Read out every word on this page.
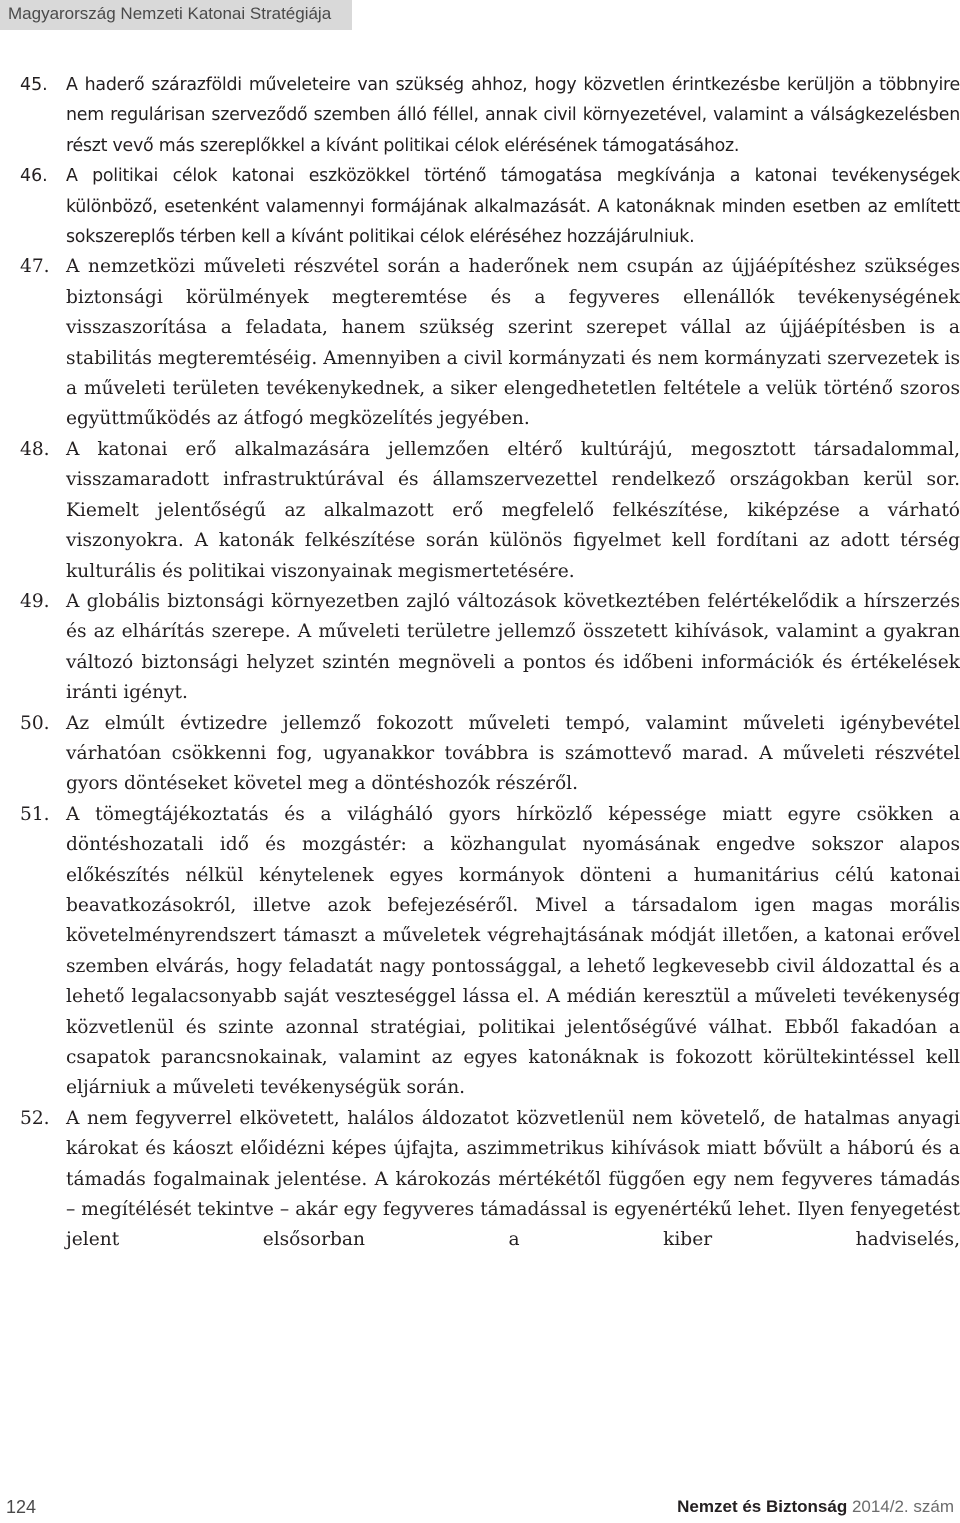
Magyarország Nemzeti Katonai Stratégiája
45.	A haderő szárazföldi műveleteire van szükség ahhoz, hogy közvetlen érintkezésbe kerüljön a többnyire nem regulárisan szerveződő szemben álló féllel, annak civil környezetével, valamint a válságkezelésben részt vevő más szereplőkkel a kívánt politikai célok elérésének támogatásához.
46.	A politikai célok katonai eszközökkel történő támogatása megkívánja a katonai tevékenységek különböző, esetenként valamennyi formájának alkalmazását. A katonáknak minden esetben az említett sokszereplős térben kell a kívánt politikai célok eléréséhez hozzájárulniuk.
47. A nemzetközi műveleti részvétel során a haderőnek nem csupán az újjáépítéshez szükséges biztonsági körülmények megteremtése és a fegyveres ellenállók tevékenységének visszaszorítása a feladata, hanem szükség szerint szerepet vállal az újjáépítésben is a stabilitás megteremtéséig. Amennyiben a civil kormányzati és nem kormányzati szervezetek is a műveleti területen tevékenykednek, a siker elengedhetetlen feltétele a velük történő szoros együttműködés az átfogó megközelítés jegyében.
48. A katonai erő alkalmazására jellemzően eltérő kultúrájú, megosztott társadalommal, visszamaradott infrastruktúrával és államszervezettel rendelkező országokban kerül sor. Kiemelt jelentőségű az alkalmazott erő megfelelő felkészítése, kiképzése a várható viszonyokra. A katonák felkészítése során különös figyelmet kell fordítani az adott térség kulturális és politikai viszonyainak megismertetésére.
49. A globális biztonsági környezetben zajló változások következtében felértékelődik a hírszerzés és az elhárítás szerepe. A műveleti területre jellemző összetett kihívások, valamint a gyakran változó biztonsági helyzet szintén megnöveli a pontos és időbeni információk és értékelések iránti igényt.
50. Az elmúlt évtizedre jellemző fokozott műveleti tempó, valamint műveleti igénybevétel várhatóan csökkenni fog, ugyanakkor továbbra is számottevő marad. A műveleti részvétel gyors döntéseket követel meg a döntéshozók részéről.
51. A tömegtájékoztatás és a világháló gyors hírközlő képessége miatt egyre csökken a döntéshozatali idő és mozgástér: a közhangulat nyomásának engedve sokszor alapos előkészítés nélkül kénytelenek egyes kormányok dönteni a humanitárius célú katonai beavatkozásokról, illetve azok befejezéséről. Mivel a társadalom igen magas morális követelményrendszert támaszt a műveletek végrehajtásának módját illetően, a katonai erővel szemben elvárás, hogy feladatát nagy pontossággal, a lehető legkevesebb civil áldozattal és a lehető legalacsonyabb saját veszteséggel lássa el. A médián keresztül a műveleti tevékenység közvetlenül és szinte azonnal stratégiai, politikai jelentőségűvé válhat. Ebből fakadóan a csapatok parancsnokainak, valamint az egyes katonáknak is fokozott körültekintéssel kell eljárniuk a műveleti tevékenységük során.
52. A nem fegyverrel elkövetett, halálos áldozatot közvetlenül nem követelő, de hatalmas anyagi károkat és káoszt előidézni képes újfajta, aszimmetrikus kihívások miatt bővült a háború és a támadás fogalmainak jelentése. A károkozás mértékétől függően egy nem fegyveres támadás – megítélését tekintve – akár egy fegyveres támadással is egyenértékű lehet. Ilyen fenyegetést jelent elsősorban a kiber hadviselés,
124	Nemzet és Biztonság 2014/2. szám
